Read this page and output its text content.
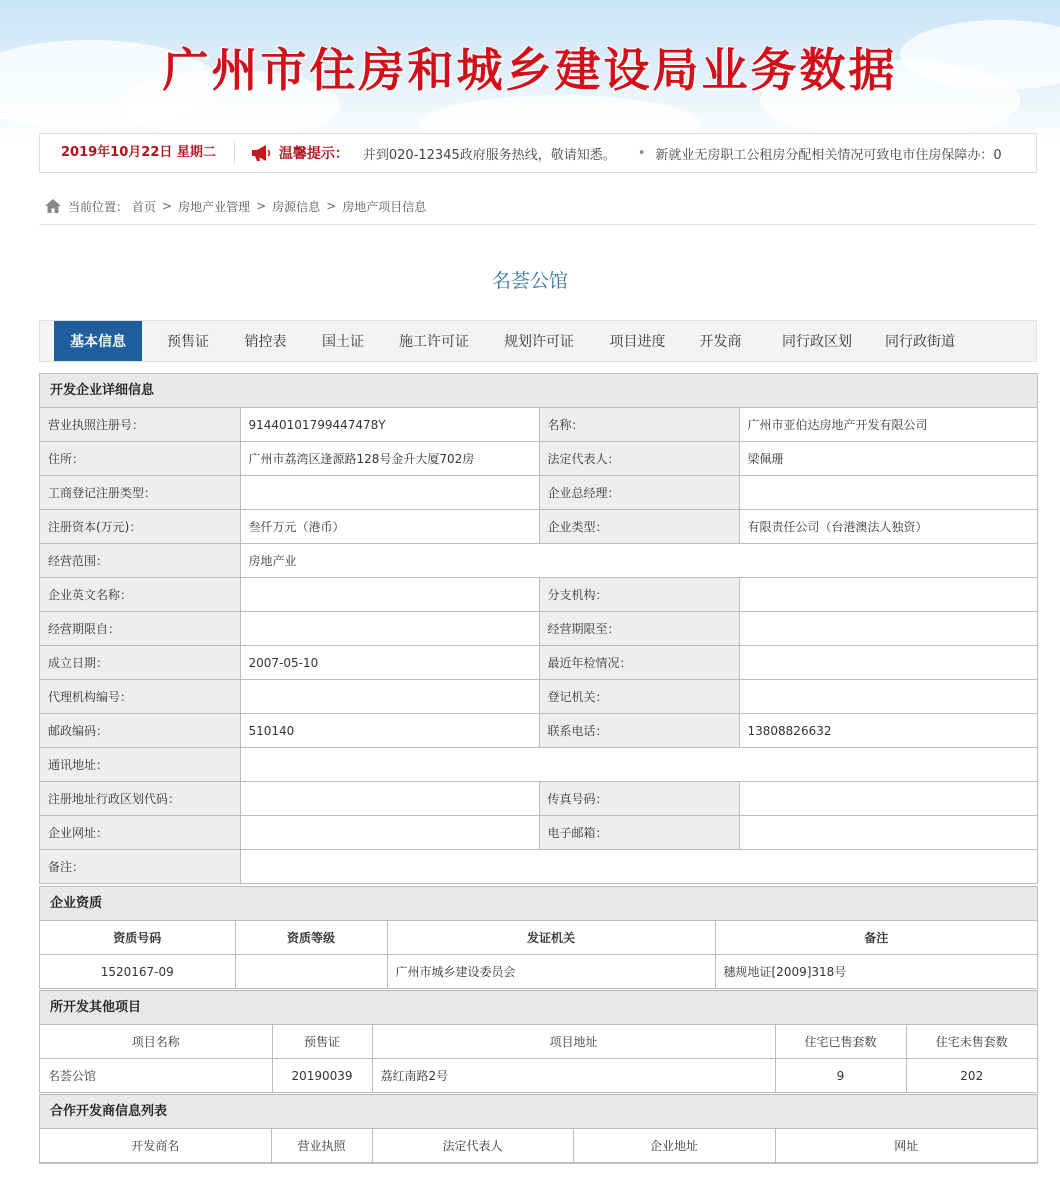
广州市住房和城乡建设局业务数据
2019年10月22日 星期二	温馨提示： 并到020-12345政府服务热线，敬请知悉。 • 新就业无房职工公租房分配相关情况可致电市住房保障办：0
当前位置： 首页 > 房地产业管理 > 房源信息 > 房地产项目信息
名荟公馆
基本信息	预售证	销控表	国土证	施工许可证	规划许可证	项目进度	开发商	同行政区划	同行政街道
开发企业详细信息
营业执照注册号：	91440101799447478Y	名称：	广州市亚伯达房地产开发有限公司
住所：	广州市荔湾区逢源路128号金升大厦702房	法定代表人：	梁佩珊
工商登记注册类型：		企业总经理：	
注册资本(万元)：	叁仟万元（港币）	企业类型：	有限责任公司（台港澳法人独资）
经营范围：	房地产业		
企业英文名称：		分支机构：	
经营期限自：		经营期限至：	
成立日期：	2007-05-10	最近年检情况：	
代理机构编号：		登记机关：	
邮政编码：	510140	联系电话：	13808826632
通讯地址：			
注册地址行政区划代码：		传真号码：	
企业网址：		电子邮箱：	
备注：			
企业资质
资质号码	资质等级	发证机关	备注
1520167-09		广州市城乡建设委员会	穗规地证[2009]318号
所开发其他项目
项目名称	预售证	项目地址	住宅已售套数	住宅未售套数
名荟公馆	20190039	荔红南路2号	9	202
合作开发商信息列表
开发商名	营业执照	法定代表人	企业地址	网址
